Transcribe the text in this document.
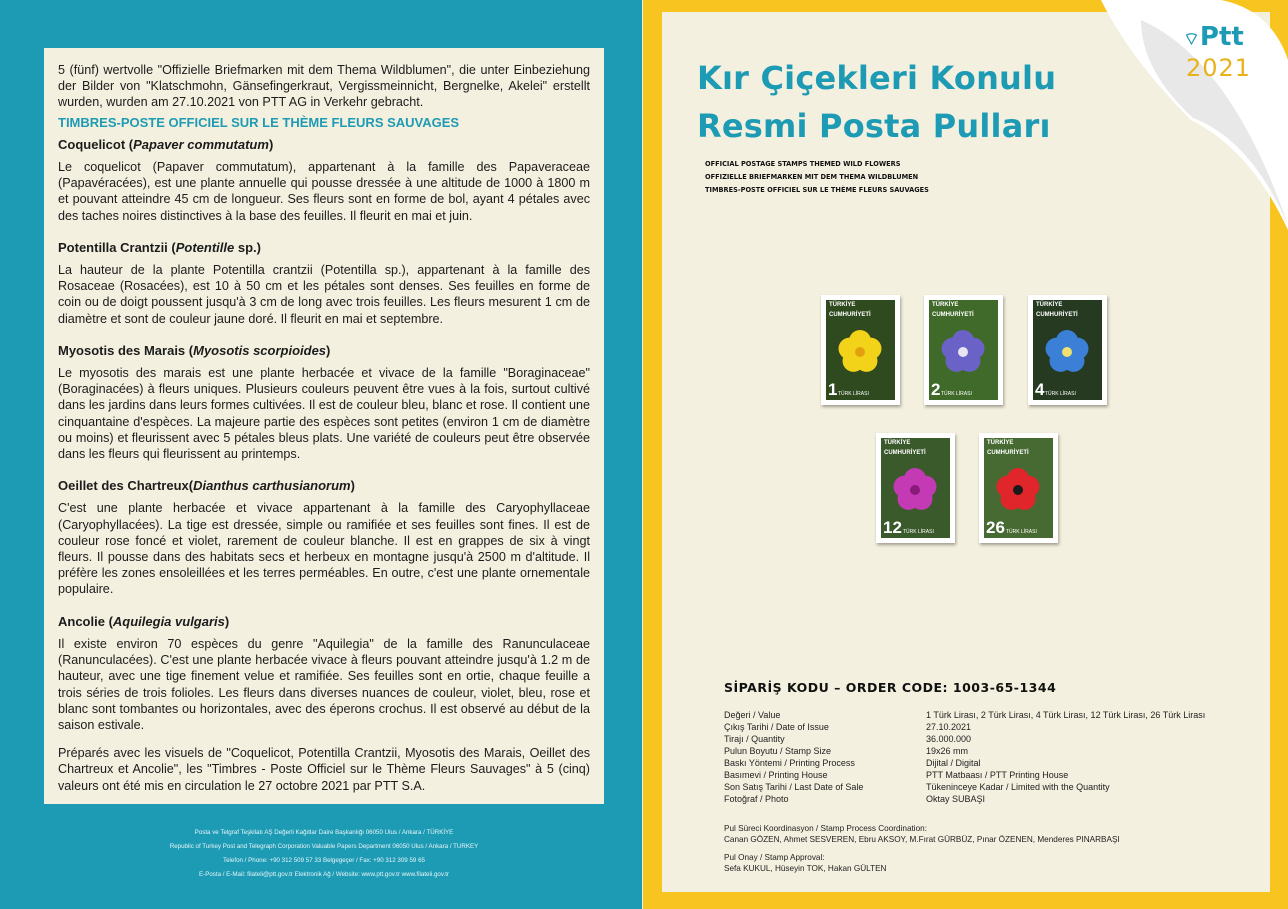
5 (fünf) wertvolle "Offizielle Briefmarken mit dem Thema Wildblumen", die unter Einbeziehung der Bilder von "Klatschmohn, Gänsefingerkraut, Vergissmeinnicht, Bergnelke, Akelei" erstellt wurden, wurden am 27.10.2021 von PTT AG in Verkehr gebracht.

TIMBRES-POSTE OFFICIEL SUR LE THÈME FLEURS SAUVAGES
Coquelicot (Papaver commutatum)

Le coquelicot (Papaver commutatum), appartenant à la famille des Papaveraceae (Papavéracées), est une plante annuelle qui pousse dressée à une altitude de 1000 à 1800 m et pouvant atteindre 45 cm de longueur. Ses fleurs sont en forme de bol, ayant 4 pétales avec des taches noires distinctives à la base des feuilles. Il fleurit en mai et juin.

Potentilla Crantzii (Potentille sp.)

La hauteur de la plante Potentilla crantzii (Potentilla sp.), appartenant à la famille des Rosaceae (Rosacées), est 10 à 50 cm et les pétales sont denses. Ses feuilles en forme de coin ou de doigt poussent jusqu'à 3 cm de long avec trois feuilles. Les fleurs mesurent 1 cm de diamètre et sont de couleur jaune doré. Il fleurit en mai et septembre.

Myosotis des Marais (Myosotis scorpioides)

Le myosotis des marais est une plante herbacée et vivace de la famille "Boraginaceae" (Boraginacées) à fleurs uniques. Plusieurs couleurs peuvent être vues à la fois, surtout cultivé dans les jardins dans leurs formes cultivées. Il est de couleur bleu, blanc et rose. Il contient une cinquantaine d'espèces. La majeure partie des espèces sont petites (environ 1 cm de diamètre ou moins) et fleurissent avec 5 pétales bleus plats. Une variété de couleurs peut être observée dans les fleurs qui fleurissent au printemps.

Oeillet des Chartreux(Dianthus carthusianorum)

C'est une plante herbacée et vivace appartenant à la famille des Caryophyllaceae (Caryophyllacées). La tige est dressée, simple ou ramifiée et ses feuilles sont fines. Il est de couleur rose foncé et violet, rarement de couleur blanche. Il est en grappes de six à vingt fleurs. Il pousse dans des habitats secs et herbeux en montagne jusqu'à 2500 m d'altitude. Il préfère les zones ensoleillées et les terres perméables. En outre, c'est une plante ornementale populaire.

Ancolie (Aquilegia vulgaris)

Il existe environ 70 espèces du genre "Aquilegia" de la famille des Ranunculaceae (Ranunculacées). C'est une plante herbacée vivace à fleurs pouvant atteindre jusqu'à 1.2 m de hauteur, avec une tige finement velue et ramifiée. Ses feuilles sont en ortie, chaque feuille a trois séries de trois folioles. Les fleurs dans diverses nuances de couleur, violet, bleu, rose et blanc sont tombantes ou horizontales, avec des éperons crochus. Il est observé au début de la saison estivale.

Préparés avec les visuels de "Coquelicot, Potentilla Crantzii, Myosotis des Marais, Oeillet des Chartreux et Ancolie", les "Timbres - Poste Officiel sur le Thème Fleurs Sauvages" à 5 (cinq) valeurs ont été mis en circulation le 27 octobre 2021 par PTT S.A.

Posta ve Telgraf Teşkilatı AŞ Değerli Kağıtlar Daire Başkanlığı 06050 Ulus / Ankara / TÜRKİYE
Republic of Turkey Post and Telegraph Corporation Valuable Papers Department 06050 Ulus / Ankara / TURKEY
Telefon / Phone: +90 312 509 57 33 Belgegeçer / Fax: +90 312 309 59 65
E-Posta / E-Mail: filateli@ptt.gov.tr Elektronik Ağ / Website: www.ptt.gov.tr www.filateli.gov.tr
Kır Çiçekleri Konulu
Resmi Posta Pulları
OFFICIAL POSTAGE STAMPS THEMED WILD FLOWERS
OFFIZIELLE BRIEFMARKEN MIT DEM THEMA WILDBLUMEN
TIMBRES-POSTE OFFICIEL SUR LE THÈME FLEURS SAUVAGES
TÜRKİYE CUMHURİYETİ
1 TÜRK LİRASI
TÜRKİYE CUMHURİYETİ
2 TÜRK LİRASI
TÜRKİYE CUMHURİYETİ
4 TÜRK LİRASI
TÜRKİYE CUMHURİYETİ
12 TÜRK LİRASI
TÜRKİYE CUMHURİYETİ
26 TÜRK LİRASI
SİPARİŞ KODU – ORDER CODE: 1003-65-1344
Değeri / Value	1 Türk Lirası, 2 Türk Lirası, 4 Türk Lirası, 12 Türk Lirası, 26 Türk Lirası
Çıkış Tarihi / Date of Issue	27.10.2021
Tirajı / Quantity	36.000.000
Pulun Boyutu / Stamp Size	19x26 mm
Baskı Yöntemi / Printing Process	Dijital / Digital
Basımevi / Printing House	PTT Matbaası / PTT Printing House
Son Satış Tarihi / Last Date of Sale	Tükeninceye Kadar / Limited with the Quantity
Fotoğraf / Photo	Oktay SUBAŞI
Pul Süreci Koordinasyon / Stamp Process Coordination:
Canan GÖZEN, Ahmet SESVEREN, Ebru AKSOY, M.Fırat GÜRBÜZ, Pınar ÖZENEN, Menderes PINARBAŞI
Pul Onay / Stamp Approval:
Sefa KUKUL, Hüseyin TOK, Hakan GÜLTEN
⌔Ptt
2021
